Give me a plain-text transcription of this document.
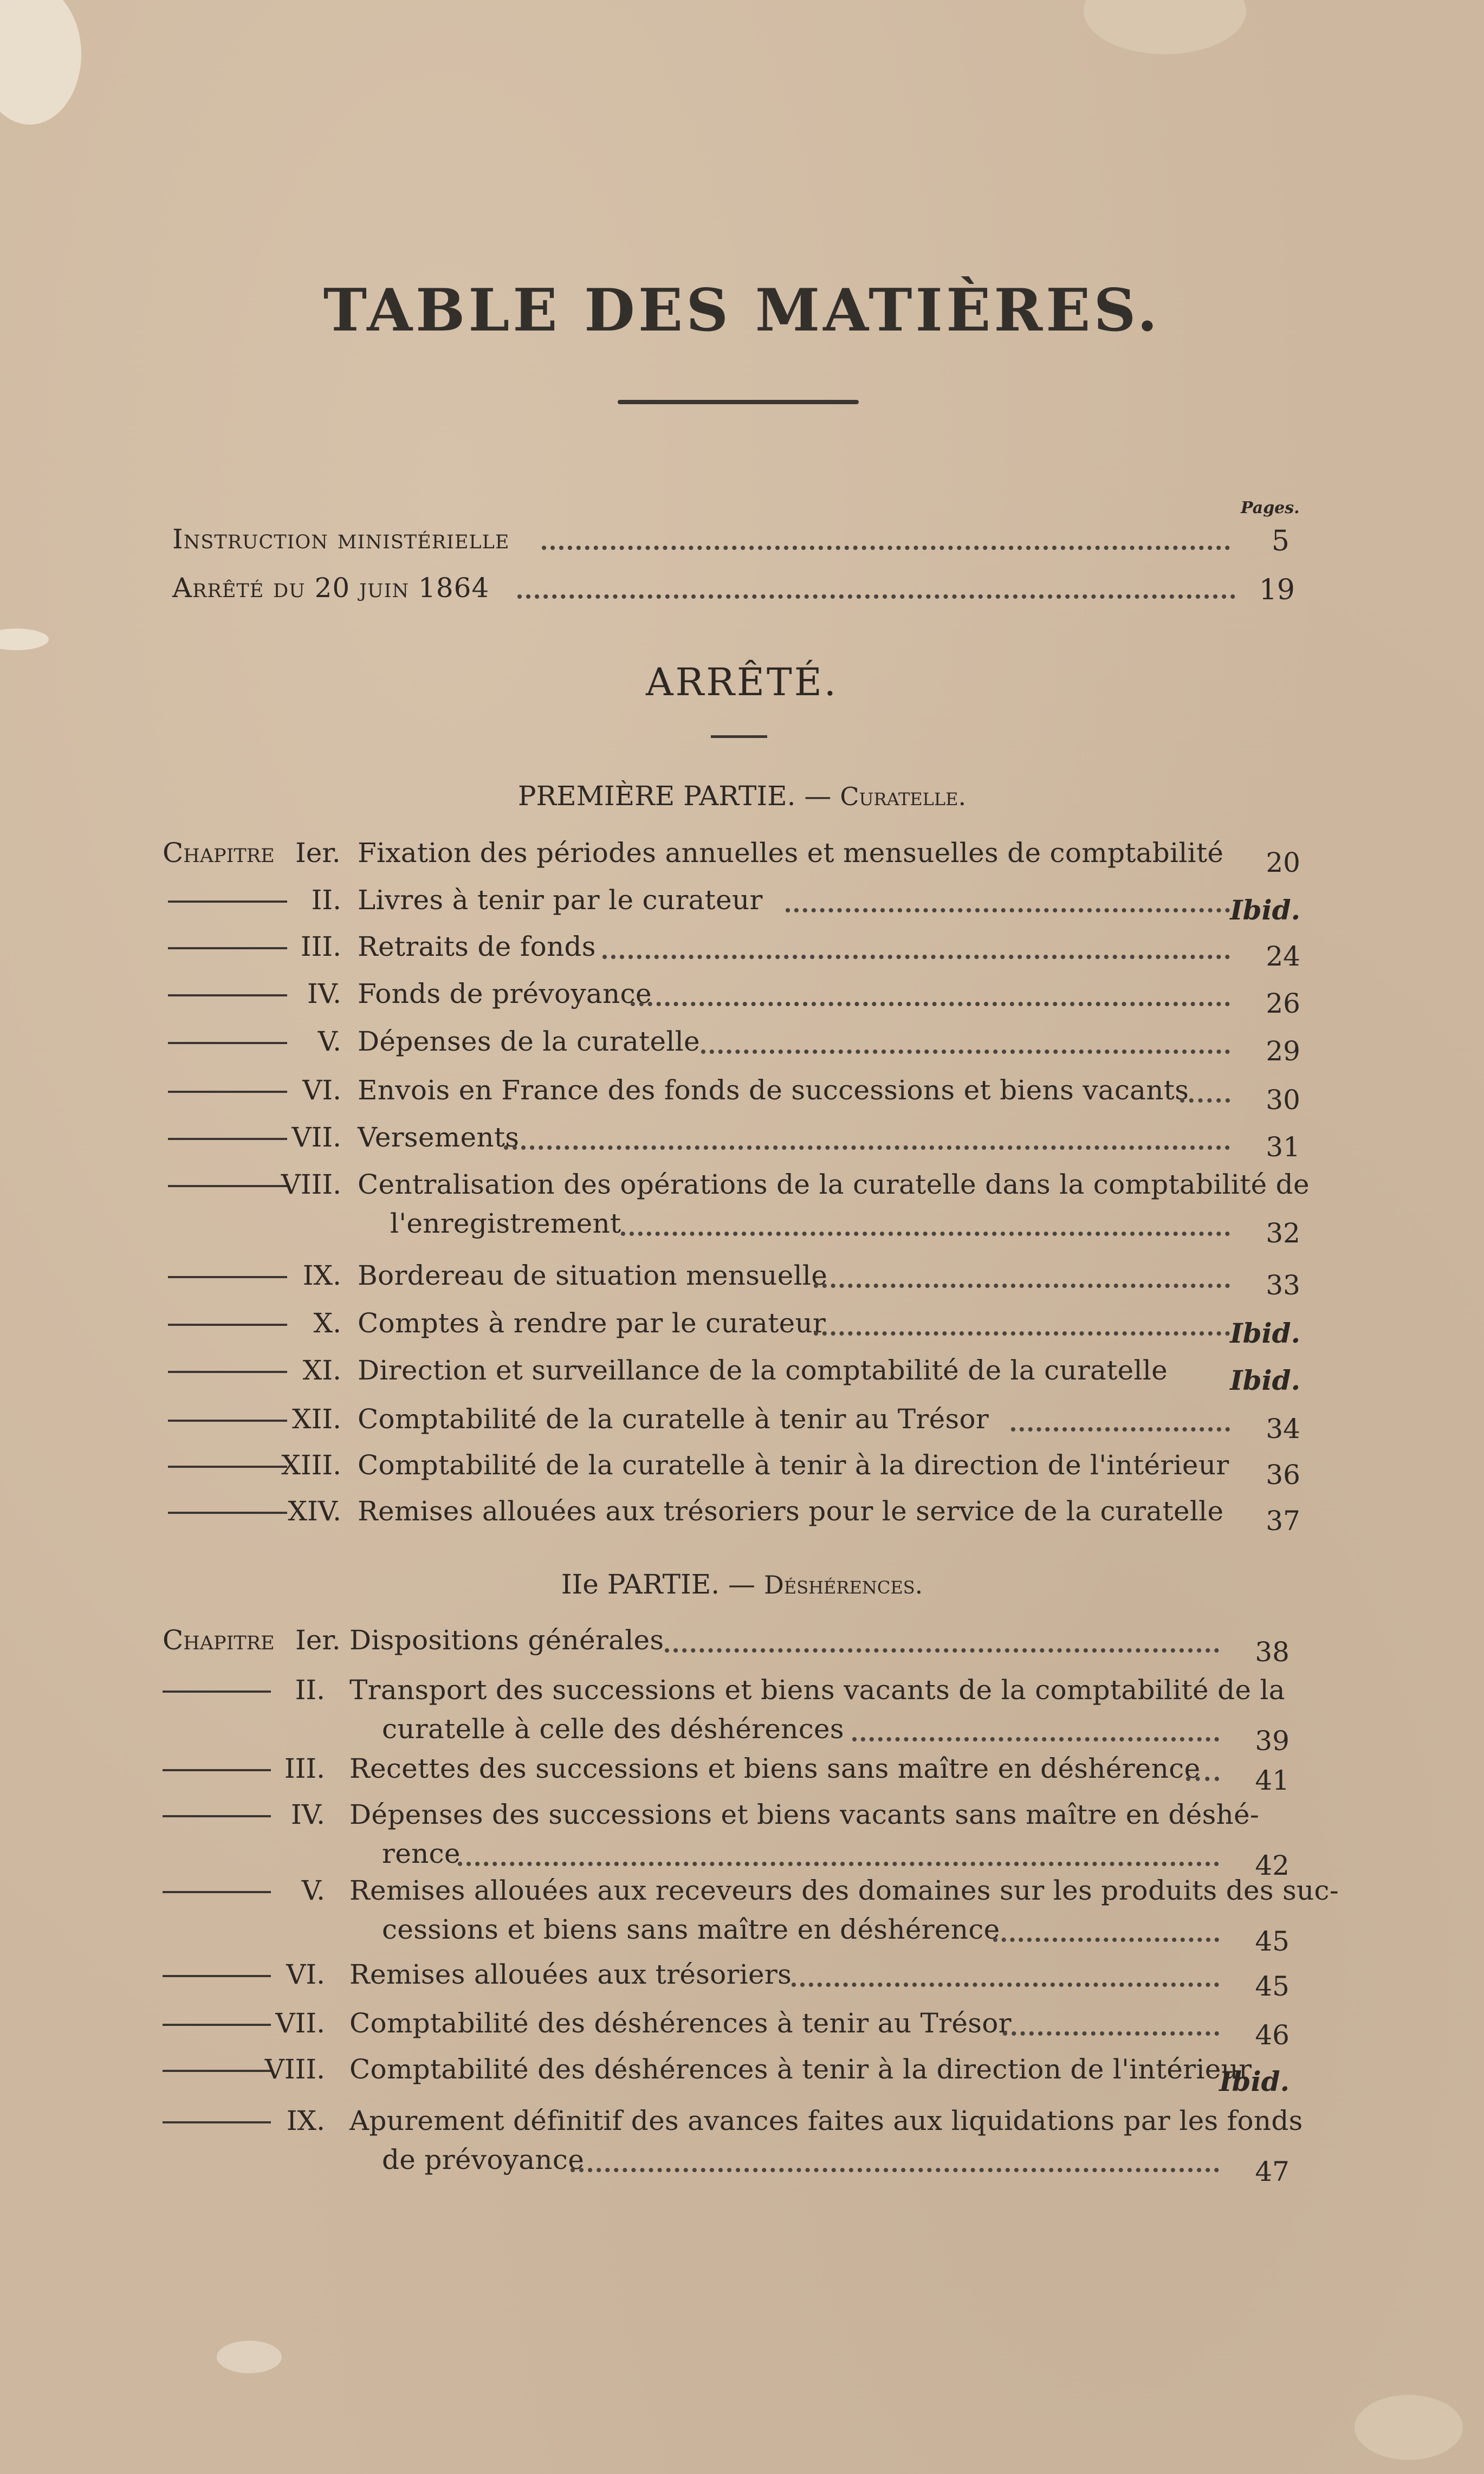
TABLE DES MATIÈRES.
Pages.
Instruction ministérielle	5
Arrêté du 20 juin 1864	19
ARRÊTÉ.
PREMIÈRE PARTIE. — Curatelle.
IIe PARTIE. — Déshérences.
Chapitre Ier. Fixation des périodes annuelles et mensuelles de comptabilité 20
II. Livres à tenir par le curateur	Ibid.
III. Retraits de fonds	24
IV. Fonds de prévoyance	26
V. Dépenses de la curatelle	29
VI. Envois en France des fonds de successions et biens vacants	30
VII. Versements	31
VIII. Centralisation des opérations de la curatelle dans la comptabilité de
l'enregistrement	32
IX. Bordereau de situation mensuelle	33
X. Comptes à rendre par le curateur	Ibid.
XI. Direction et surveillance de la comptabilité de la curatelle Ibid.
XII. Comptabilité de la curatelle à tenir au Trésor	34
XIII. Comptabilité de la curatelle à tenir à la direction de l'intérieur 36
XIV. Remises allouées aux trésoriers pour le service de la curatelle 37
Chapitre Ier. Dispositions générales	38
II. Transport des successions et biens vacants de la comptabilité de la
curatelle à celle des déshérences	39
III. Recettes des successions et biens sans maître en déshérence 41
IV. Dépenses des successions et biens vacants sans maître en déshé-
rence	42
V. Remises allouées aux receveurs des domaines sur les produits des suc-
cessions et biens sans maître en déshérence	45
VI. Remises allouées aux trésoriers	45
VII. Comptabilité des déshérences à tenir au Trésor	46
VIII. Comptabilité des déshérences à tenir à la direction de l'intérieur
Ibid.
IX. Apurement définitif des avances faites aux liquidations par les fonds
de prévoyance	47
